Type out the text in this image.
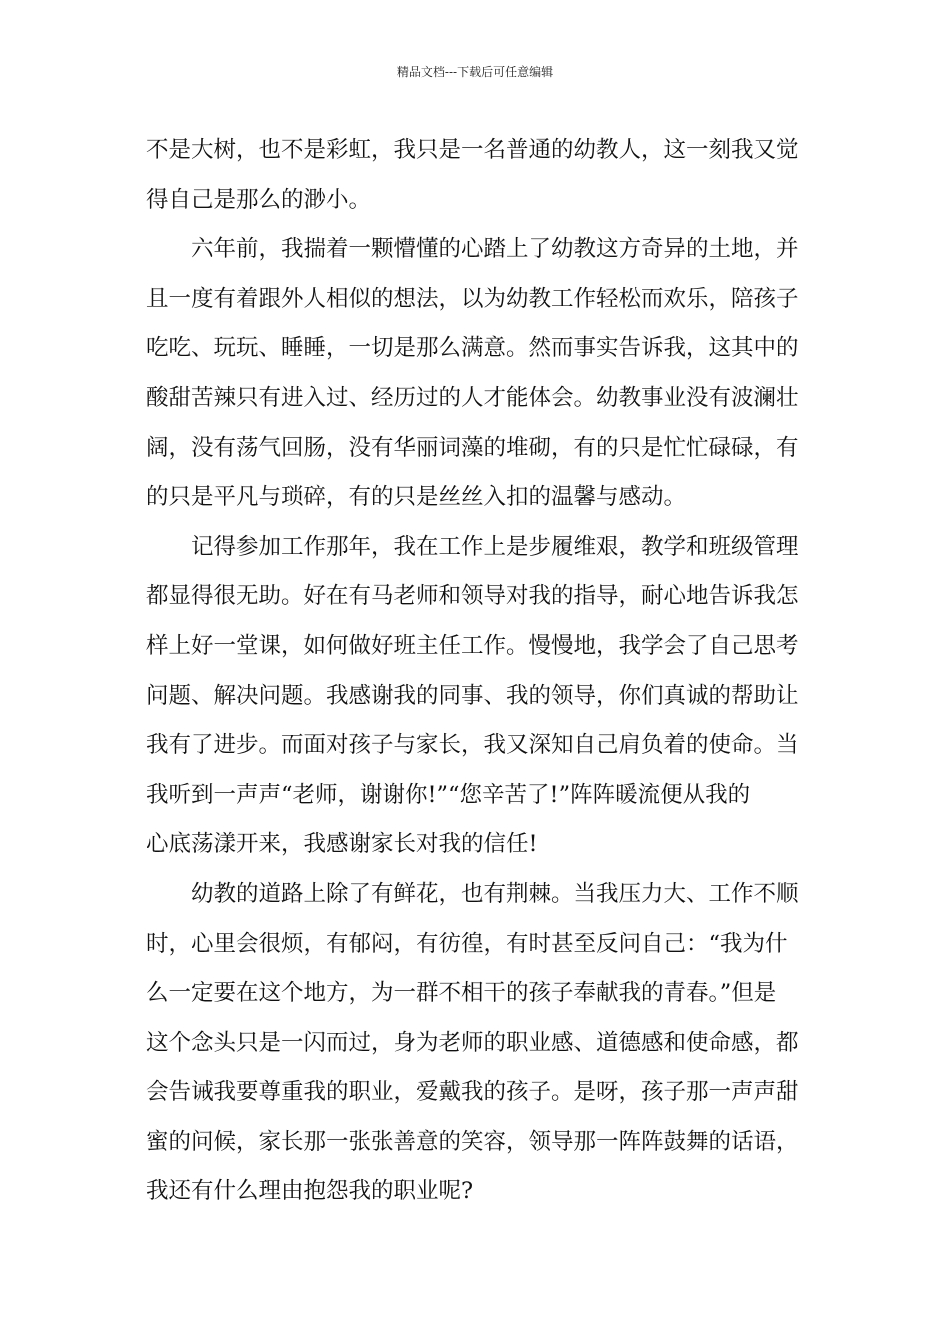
精品文档---下载后可任意编辑
不是大树，也不是彩虹，我只是一名普通的幼教人，这一刻我又觉
得自己是那么的渺小。
六年前，我揣着一颗懵懂的心踏上了幼教这方奇异的土地，并
且一度有着跟外人相似的想法，以为幼教工作轻松而欢乐，陪孩子
吃吃、玩玩、睡睡，一切是那么满意。然而事实告诉我，这其中的
酸甜苦辣只有进入过、经历过的人才能体会。幼教事业没有波澜壮
阔，没有荡气回肠，没有华丽词藻的堆砌，有的只是忙忙碌碌，有
的只是平凡与琐碎，有的只是丝丝入扣的温馨与感动。
记得参加工作那年，我在工作上是步履维艰，教学和班级管理
都显得很无助。好在有马老师和领导对我的指导，耐心地告诉我怎
样上好一堂课，如何做好班主任工作。慢慢地，我学会了自己思考
问题、解决问题。我感谢我的同事、我的领导，你们真诚的帮助让
我有了进步。而面对孩子与家长，我又深知自己肩负着的使命。当
我听到一声声“老师，谢谢你!”“您辛苦了!”阵阵暖流便从我的
心底荡漾开来，我感谢家长对我的信任!
幼教的道路上除了有鲜花，也有荆棘。当我压力大、工作不顺
时，心里会很烦，有郁闷，有彷徨，有时甚至反问自己：“我为什
么一定要在这个地方，为一群不相干的孩子奉献我的青春。”但是
这个念头只是一闪而过，身为老师的职业感、道德感和使命感，都
会告诫我要尊重我的职业，爱戴我的孩子。是呀，孩子那一声声甜
蜜的问候，家长那一张张善意的笑容，领导那一阵阵鼓舞的话语，
我还有什么理由抱怨我的职业呢?
